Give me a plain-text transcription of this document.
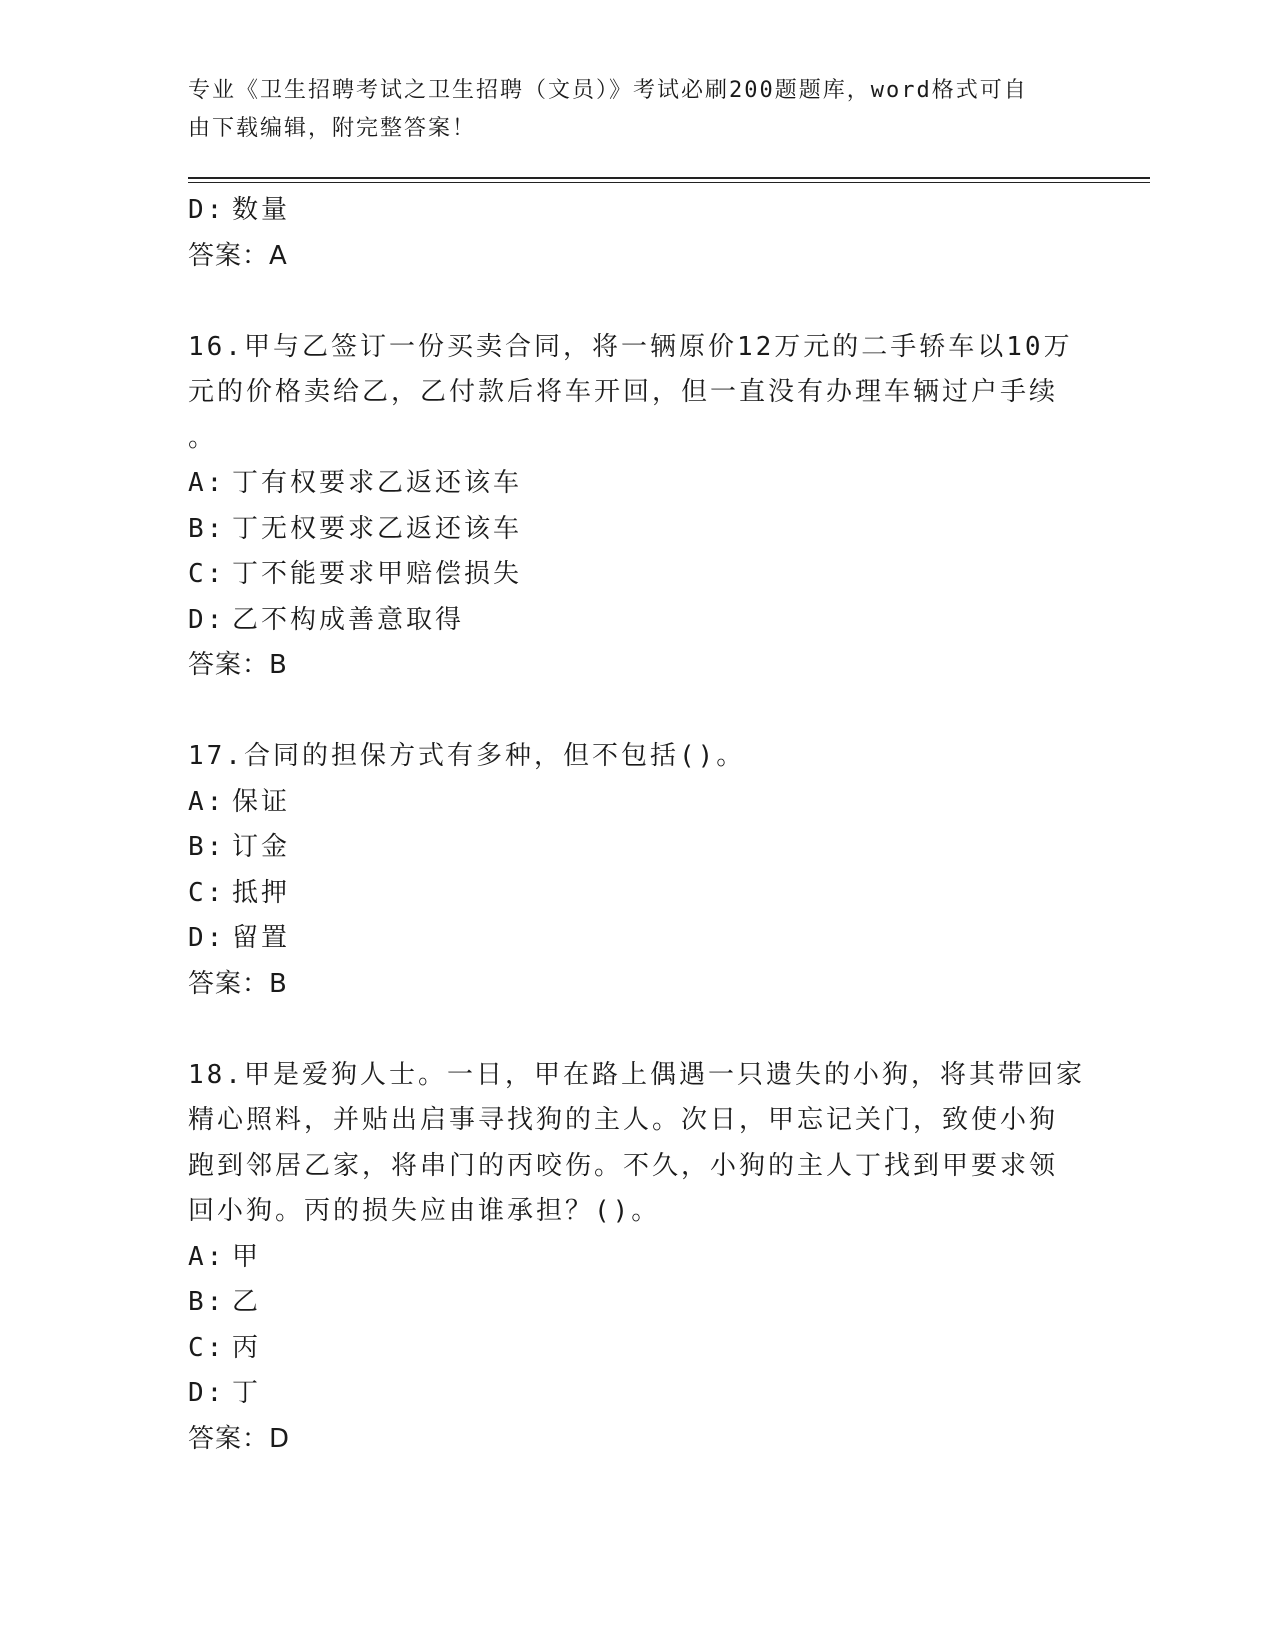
专业《卫生招聘考试之卫生招聘（文员）》考试必刷200题题库，word格式可自
由下载编辑，附完整答案！
D: 数量
答案：A
16.甲与乙签订一份买卖合同，将一辆原价12万元的二手轿车以10万
元的价格卖给乙，乙付款后将车开回，但一直没有办理车辆过户手续
。
A: 丁有权要求乙返还该车
B: 丁无权要求乙返还该车
C: 丁不能要求甲赔偿损失
D: 乙不构成善意取得
答案：B
17.合同的担保方式有多种，但不包括()。
A: 保证
B: 订金
C: 抵押
D: 留置
答案：B
18.甲是爱狗人士。一日，甲在路上偶遇一只遗失的小狗，将其带回家
精心照料，并贴出启事寻找狗的主人。次日，甲忘记关门，致使小狗
跑到邻居乙家，将串门的丙咬伤。不久，小狗的主人丁找到甲要求领
回小狗。丙的损失应由谁承担？()。
A: 甲
B: 乙
C: 丙
D: 丁
答案：D
